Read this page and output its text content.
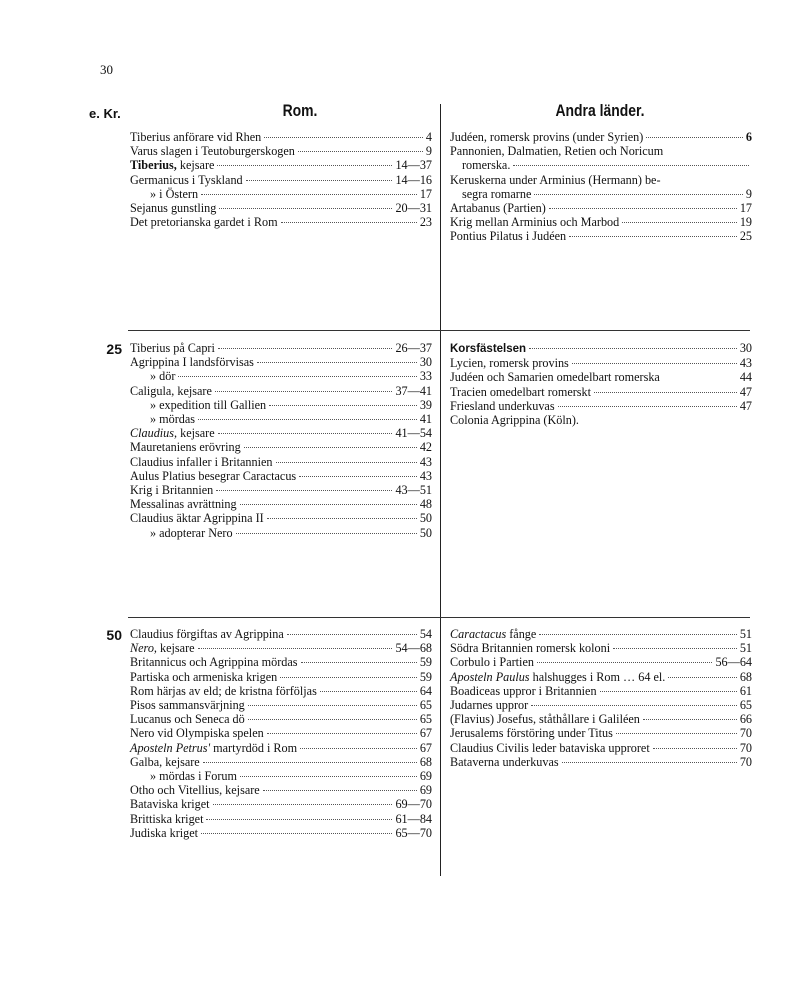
30
e. Kr.	Rom.	Andra länder.
25
50
Tiberius anförare vid Rhen	4
Varus slagen i Teutoburgerskogen	9
Tiberius, kejsare	14—37
Germanicus i Tyskland	14—16
» i Östern	17
Sejanus gunstling	20—31
Det pretorianska gardet i Rom	23
Judéen, romersk provins (under Syrien)	6
Pannonien, Dalmatien, Retien och Noricum
romerska.
Keruskerna under Arminius (Hermann) be-
segra romarne	9
Artabanus (Partien)	17
Krig mellan Arminius och Marbod	19
Pontius Pilatus i Judéen	25
Tiberius på Capri	26—37
Agrippina I landsförvisas	30
» dör	33
Caligula, kejsare	37—41
» expedition till Gallien	39
» mördas	41
Claudius, kejsare	41—54
Mauretaniens erövring	42
Claudius infaller i Britannien	43
Aulus Platius besegrar Caractacus	43
Krig i Britannien	43—51
Messalinas avrättning	48
Claudius äktar Agrippina II	50
» adopterar Nero	50
Korsfästelsen	30
Lycien, romersk provins	43
Judéen och Samarien omedelbart romerska	44
Tracien omedelbart romerskt	47
Friesland underkuvas	47
Colonia Agrippina (Köln).
Claudius förgiftas av Agrippina	54
Nero, kejsare	54—68
Britannicus och Agrippina mördas	59
Partiska och armeniska krigen	59
Rom härjas av eld; de kristna förföljas	64
Pisos sammansvärjning	65
Lucanus och Seneca dö	65
Nero vid Olympiska spelen	67
Aposteln Petrus' martyrdöd i Rom	67
Galba, kejsare	68
» mördas i Forum	69
Otho och Vitellius, kejsare	69
Bataviska kriget	69—70
Brittiska kriget	61—84
Judiska kriget	65—70
Caractacus fånge	51
Södra Britannien romersk koloni	51
Corbulo i Partien	56—64
Aposteln Paulus halshugges i Rom … 64 el.	68
Boadiceas uppror i Britannien	61
Judarnes uppror	65
(Flavius) Josefus, ståthållare i Galiléen	66
Jerusalems förstöring under Titus	70
Claudius Civilis leder bataviska upproret	70
Bataverna underkuvas	70
